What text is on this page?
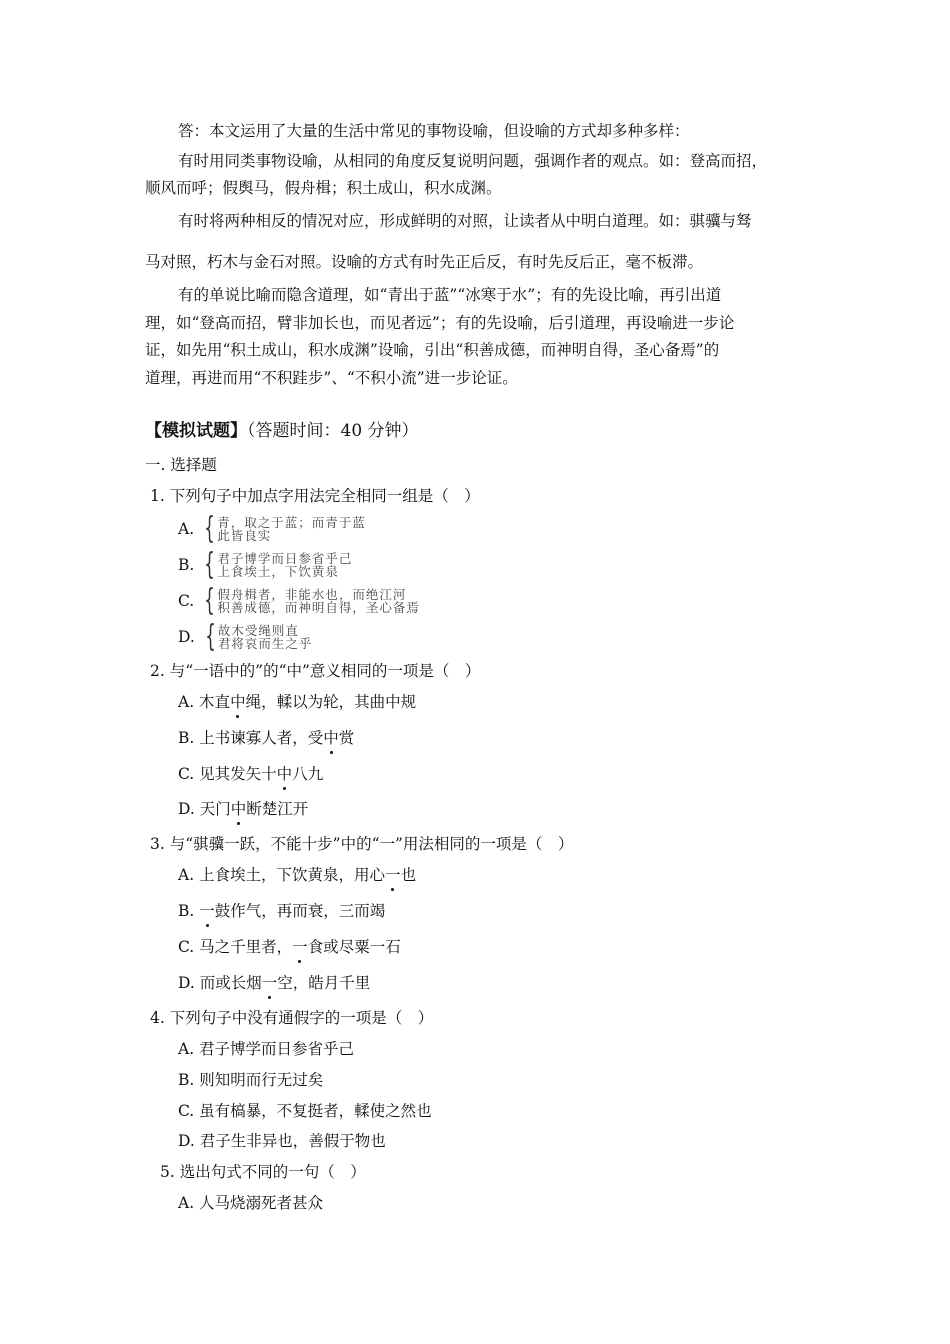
答：本文运用了大量的生活中常见的事物设喻，但设喻的方式却多种多样：
有时用同类事物设喻，从相同的角度反复说明问题，强调作者的观点。如：登高而招，
顺风而呼；假舆马，假舟楫；积土成山，积水成渊。
有时将两种相反的情况对应，形成鲜明的对照，让读者从中明白道理。如：骐骥与驽
马对照，朽木与金石对照。设喻的方式有时先正后反，有时先反后正，毫不板滞。
有的单说比喻而隐含道理，如“青出于蓝”“冰寒于水”；有的先设比喻，再引出道
理，如“登高而招，臂非加长也，而见者远”；有的先设喻，后引道理，再设喻进一步论
证，如先用“积土成山，积水成渊”设喻，引出“积善成德，而神明自得，圣心备焉”的
道理，再进而用“不积跬步”、“不积小流”进一步论证。
【模拟试题】（答题时间：40 分钟）
一. 选择题
1. 下列句子中加点字用法完全相同一组是（　）
A. { 青，取之于蓝；而青于蓝
此皆良实
B. { 君子博学而日参省乎己
上食埃土，下饮黄泉
C. { 假舟楫者，非能水也，而绝江河
积善成德，而神明自得，圣心备焉
D. { 故木受绳则直
君将哀而生之乎
2. 与“一语中的”的“中”意义相同的一项是（　）
A. 木直中绳，輮以为轮，其曲中规
B. 上书谏寡人者，受中赏
C. 见其发矢十中八九
D. 天门中断楚江开
3. 与“骐骥一跃，不能十步”中的“一”用法相同的一项是（　）
A. 上食埃土，下饮黄泉，用心一也
B. 一鼓作气，再而衰，三而竭
C. 马之千里者，一食或尽粟一石
D. 而或长烟一空，皓月千里
4. 下列句子中没有通假字的一项是（　）
A. 君子博学而日参省乎己
B. 则知明而行无过矣
C. 虽有槁暴，不复挺者，輮使之然也
D. 君子生非异也，善假于物也
5. 选出句式不同的一句（　）
A. 人马烧溺死者甚众
